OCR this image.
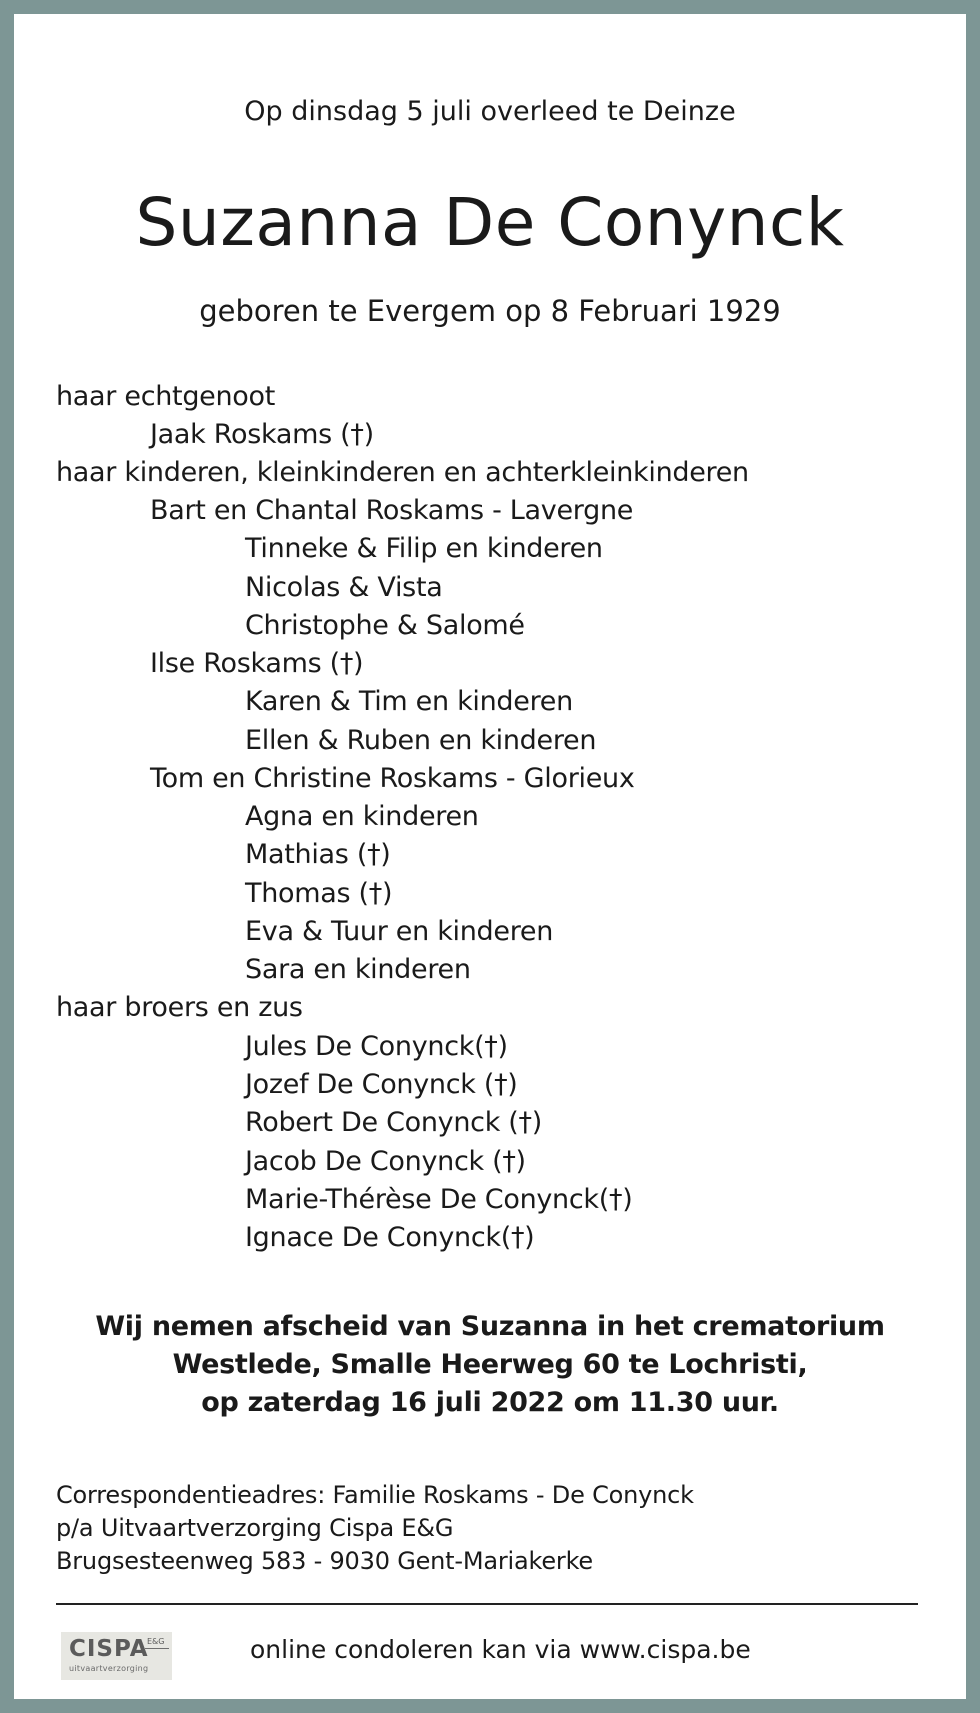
Op dinsdag 5 juli overleed te Deinze
Suzanna De Conynck
geboren te Evergem op 8 Februari 1929
haar echtgenoot
Jaak Roskams (†)
haar kinderen, kleinkinderen en achterkleinkinderen
Bart en Chantal Roskams - Lavergne
Tinneke & Filip en kinderen
Nicolas & Vista
Christophe & Salomé
Ilse Roskams (†)
Karen & Tim en kinderen
Ellen & Ruben en kinderen
Tom en Christine Roskams - Glorieux
Agna en kinderen
Mathias (†)
Thomas (†)
Eva & Tuur en kinderen
Sara en kinderen
haar broers en zus
Jules De Conynck(†)
Jozef De Conynck (†)
Robert De Conynck (†)
Jacob De Conynck (†)
Marie-Thérèse De Conynck(†)
Ignace De Conynck(†)
Wij nemen afscheid van Suzanna in het crematorium
Westlede, Smalle Heerweg 60 te Lochristi,
op zaterdag 16 juli 2022 om 11.30 uur.
Correspondentieadres: Familie Roskams - De Conynck
p/a Uitvaartverzorging Cispa E&G
Brugsesteenweg 583 - 9030 Gent-Mariakerke
CISPA
E&G
uitvaartverzorging
online condoleren kan via www.cispa.be
